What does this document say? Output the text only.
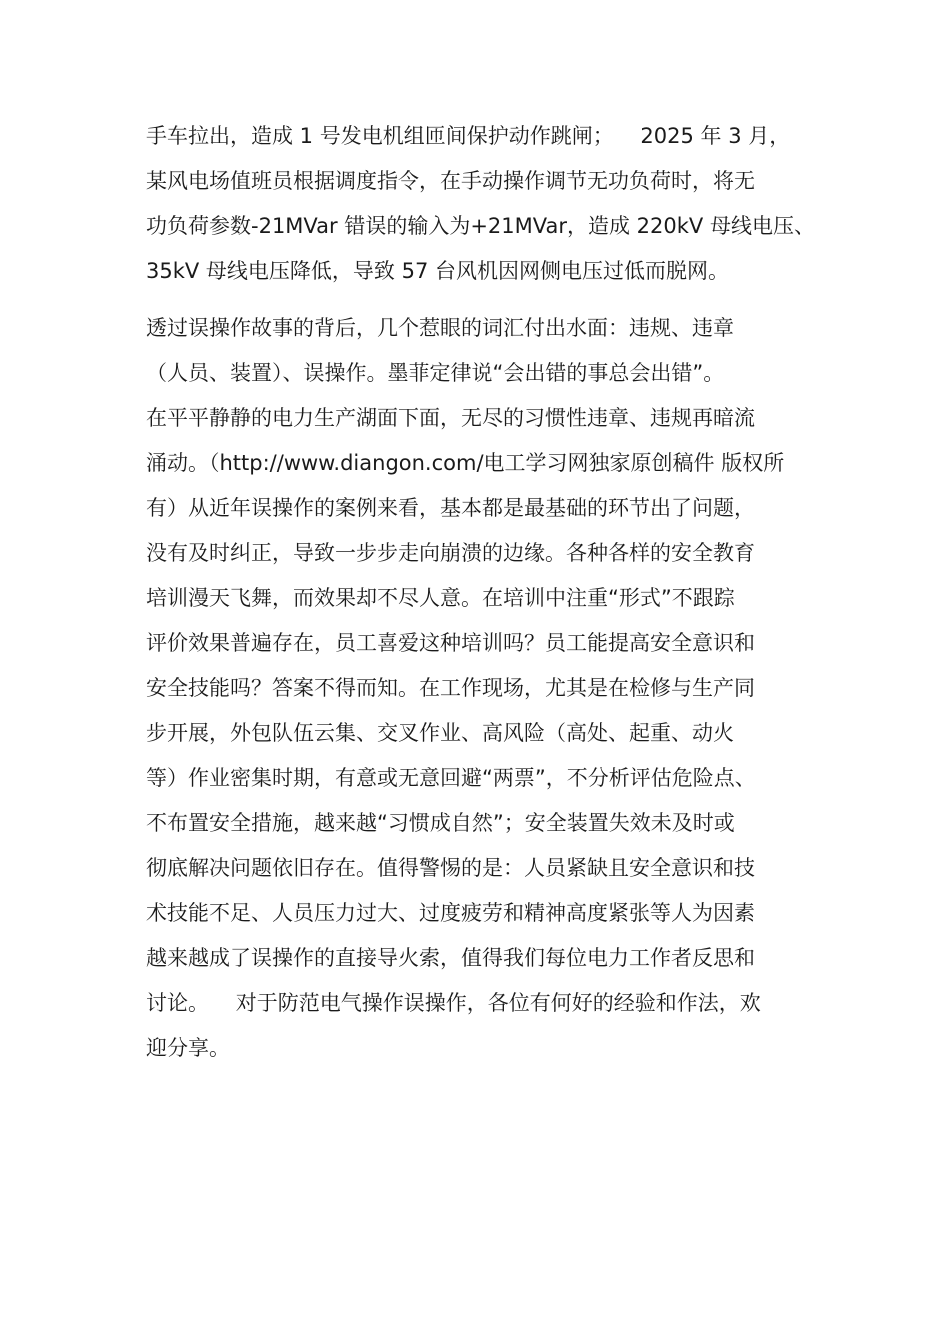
手车拉出，造成 1 号发电机组匝间保护动作跳闸；    2025 年 3 月，
某风电场值班员根据调度指令，在手动操作调节无功负荷时，将无
功负荷参数-21MVar 错误的输入为+21MVar，造成 220kV 母线电压、
35kV 母线电压降低，导致 57 台风机因网侧电压过低而脱网。
透过误操作故事的背后，几个惹眼的词汇付出水面：违规、违章
（人员、装置）、误操作。墨菲定律说“会出错的事总会出错”。
在平平静静的电力生产湖面下面，无尽的习惯性违章、违规再暗流
涌动。（http://www.diangon.com/电工学习网独家原创稿件 版权所
有）从近年误操作的案例来看，基本都是最基础的环节出了问题，
没有及时纠正，导致一步步走向崩溃的边缘。各种各样的安全教育
培训漫天飞舞，而效果却不尽人意。在培训中注重“形式”不跟踪
评价效果普遍存在，员工喜爱这种培训吗？员工能提高安全意识和
安全技能吗？答案不得而知。在工作现场，尤其是在检修与生产同
步开展，外包队伍云集、交叉作业、高风险（高处、起重、动火
等）作业密集时期，有意或无意回避“两票”，不分析评估危险点、
不布置安全措施，越来越“习惯成自然”；安全装置失效未及时或
彻底解决问题依旧存在。值得警惕的是：人员紧缺且安全意识和技
术技能不足、人员压力过大、过度疲劳和精神高度紧张等人为因素
越来越成了误操作的直接导火索，值得我们每位电力工作者反思和
讨论。    对于防范电气操作误操作，各位有何好的经验和作法，欢
迎分享。
